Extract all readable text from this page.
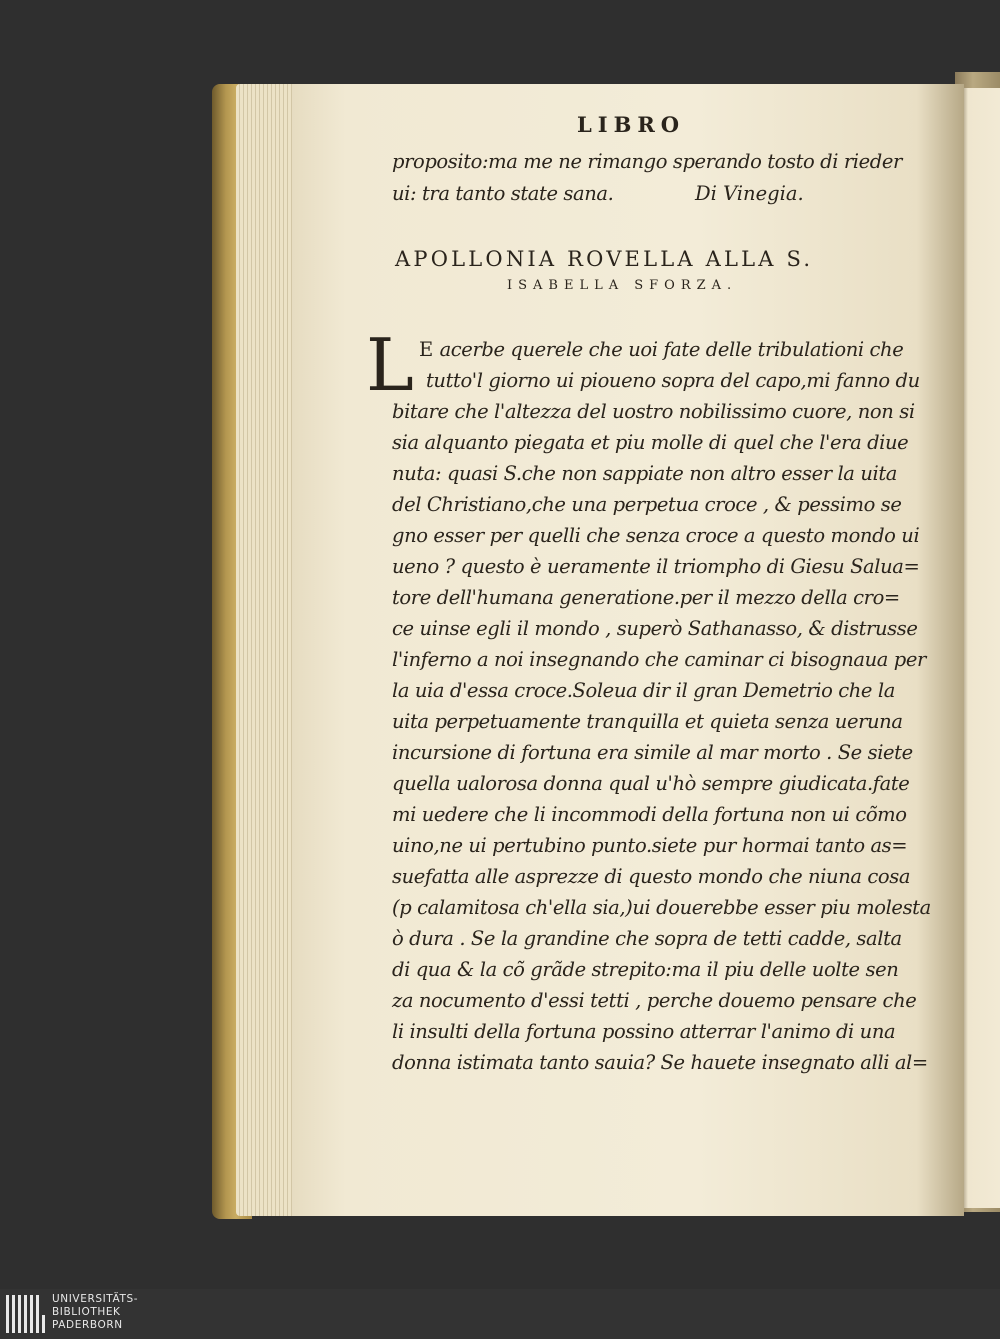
LIBRO
proposito:ma me ne rimango sperando tosto di rieder
ui: tra tanto state sana.	Di Vinegia.
APOLLONIA ROVELLA ALLA S.
ISABELLA SFORZA.
L E acerbe querele che uoi fate delle tribulationi che
tutto'l giorno ui pioueno sopra del capo,mi fanno du
bitare che l'altezza del uostro nobilissimo cuore, non si
sia alquanto piegata et piu molle di quel che l'era diue
nuta: quasi S.che non sappiate non altro esser la uita
del Christiano,che una perpetua croce , & pessimo se
gno esser per quelli che senza croce a questo mondo ui
ueno ? questo è ueramente il triompho di Giesu Salua=
tore dell'humana generatione.per il mezzo della cro=
ce uinse egli il mondo , superò Sathanasso, & distrusse
l'inferno a noi insegnando che caminar ci bisognaua per
la uia d'essa croce.Soleua dir il gran Demetrio che la
uita perpetuamente tranquilla et quieta senza ueruna
incursione di fortuna era simile al mar morto . Se siete
quella ualorosa donna qual u'hò sempre giudicata.fate
mi uedere che li incommodi della fortuna non ui cõmo
uino,ne ui pertubino punto.siete pur hormai tanto as=
suefatta alle asprezze di questo mondo che niuna cosa
(p calamitosa ch'ella sia,)ui douerebbe esser piu molesta
ò dura . Se la grandine che sopra de tetti cadde, salta
di qua & la cõ grãde strepito:ma il piu delle uolte sen
za nocumento d'essi tetti , perche douemo pensare che
li insulti della fortuna possino atterrar l'animo di una
donna istimata tanto sauia? Se hauete insegnato alli al=
UNIVERSITÄTS-
BIBLIOTHEK
PADERBORN
